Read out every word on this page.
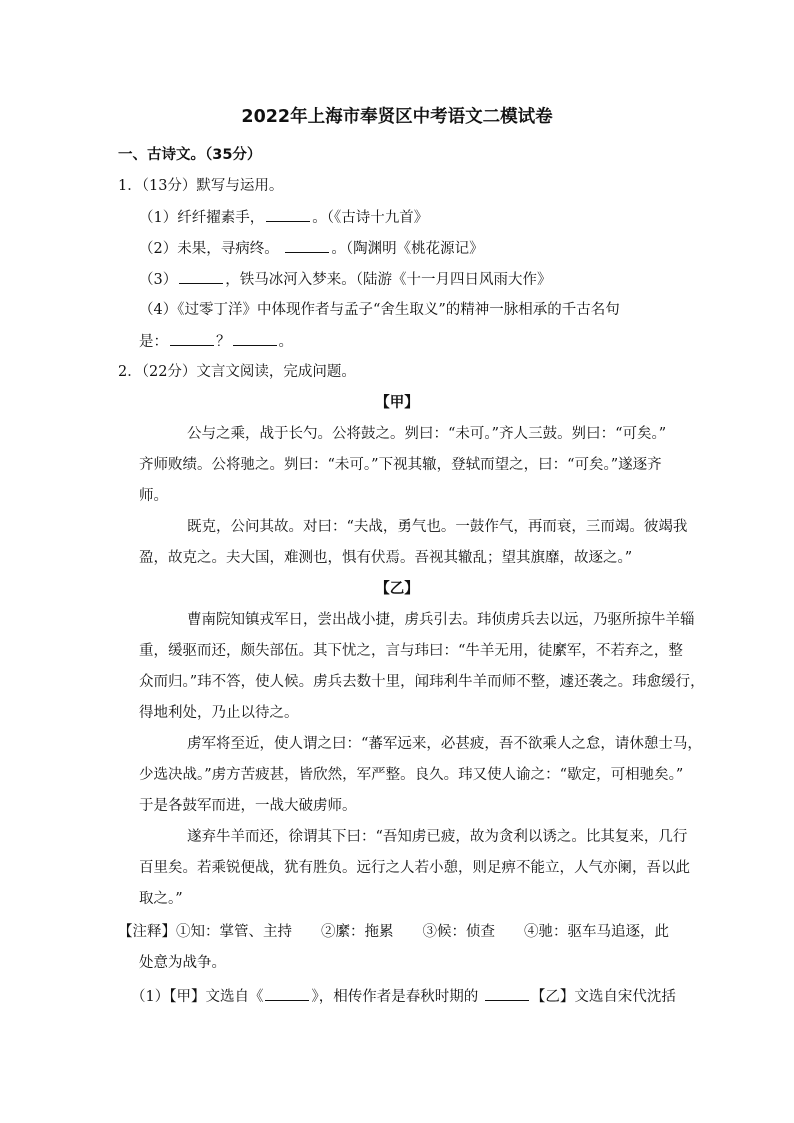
2022年上海市奉贤区中考语文二模试卷
一、古诗文。（35分）
1．（13分）默写与运用。
（1）纤纤擢素手，	。（《古诗十九首》
（2）未果，寻病终。	。（陶渊明《桃花源记》
（3）	，铁马冰河入梦来。（陆游《十一月四日风雨大作》
（4）《过零丁洋》中体现作者与孟子“舍生取义”的精神一脉相承的千古名句
是：	？	。
2．（22分）文言文阅读，完成问题。
【甲】
公与之乘，战于长勺。公将鼓之。刿曰：“未可。”齐人三鼓。刿曰：“可矣。”
齐师败绩。公将驰之。刿曰：“未可。”下视其辙，登轼而望之，曰：“可矣。”遂逐齐
师。
既克，公问其故。对曰：“夫战，勇气也。一鼓作气，再而衰，三而竭。彼竭我
盈，故克之。夫大国，难测也，惧有伏焉。吾视其辙乱；望其旗靡，故逐之。”
【乙】
曹南院知镇戎军日，尝出战小捷，虏兵引去。玮侦虏兵去以远，乃驱所掠牛羊辎
重，缓驱而还，颇失部伍。其下忧之，言与玮曰：“牛羊无用，徒縻军，不若弃之，整
众而归。”玮不答，使人候。虏兵去数十里，闻玮利牛羊而师不整，遽还袭之。玮愈缓行，
得地利处，乃止以待之。
虏军将至近，使人谓之曰：“蕃军远来，必甚疲，吾不欲乘人之怠，请休憩士马，
少选决战。”虏方苦疲甚，皆欣然，军严整。良久。玮又使人谕之：“歇定，可相驰矣。”
于是各鼓军而进，一战大破虏师。
遂弃牛羊而还，徐谓其下曰：“吾知虏已疲，故为贪利以诱之。比其复来，几行
百里矣。若乘锐便战，犹有胜负。远行之人若小憩，则足痹不能立，人气亦阑，吾以此
取之。”
【注释】①知：掌管、主持　　②縻：拖累　　③候：侦查　　④驰：驱车马追逐，此
处意为战争。
（1）【甲】文选自《	》，相传作者是春秋时期的	【乙】文选自宋代沈括
